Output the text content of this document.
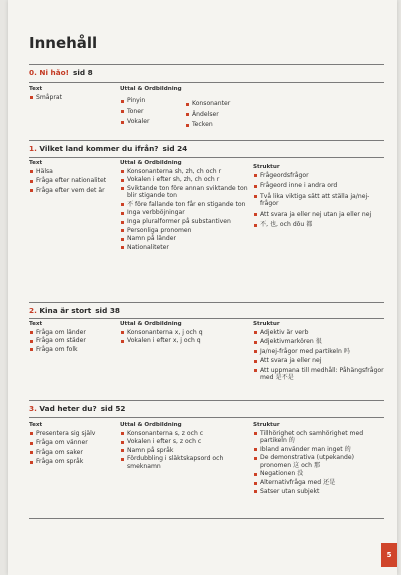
Innehåll
0. Ni hǎo! sid 8
Text
Småprat
Uttal & Ordbildning
Pinyin
Toner
Vokaler
Konsonanter
Ändelser
Tecken
1. Vilket land kommer du ifrån? sid 24
Text
Hälsa
Fråga efter nationalitet
Fråga efter vem det är
Uttal & Ordbildning
Konsonanterna sh, zh, ch och r
Vokalen i efter sh, zh, ch och r
Sviktande ton före annan sviktande ton blir stigande ton
不 före fallande ton får en stigande ton
Inga verbböjningar
Inga pluralformer på substantiven
Personliga pronomen
Namn på länder
Nationaliteter
Struktur
Frågeordsfrågor
Frågeord inne i andra ord
Två lika viktiga sätt att ställa ja/nej-frågor
Att svara ja eller nej utan ja eller nej
不, 也, och dōu 都
2. Kina är stort sid 38
Text
Fråga om länder
Fråga om städer
Fråga om folk
Uttal & Ordbildning
Konsonanterna x, j och q
Vokalen i efter x, j och q
Struktur
Adjektiv är verb
Adjektivmarkören 很
Ja/nej-frågor med partikeln 吗
Att svara ja eller nej
Att uppmana till medhåll: Påhängsfrågor med 是不是
3. Vad heter du? sid 52
Text
Presentera sig själv
Fråga om vänner
Fråga om saker
Fråga om språk
Uttal & Ordbildning
Konsonanterna s, z och c
Vokalen i efter s, z och c
Namn på språk
Fördubbling i släktskapsord och smeknamn
Struktur
Tillhörighet och samhörighet med partikeln 的
Ibland använder man inget 的
De demonstrativa (utpekande) pronomen 这 och 那
Negationen 没
Alternativfråga med 还是
Satser utan subjekt
5
